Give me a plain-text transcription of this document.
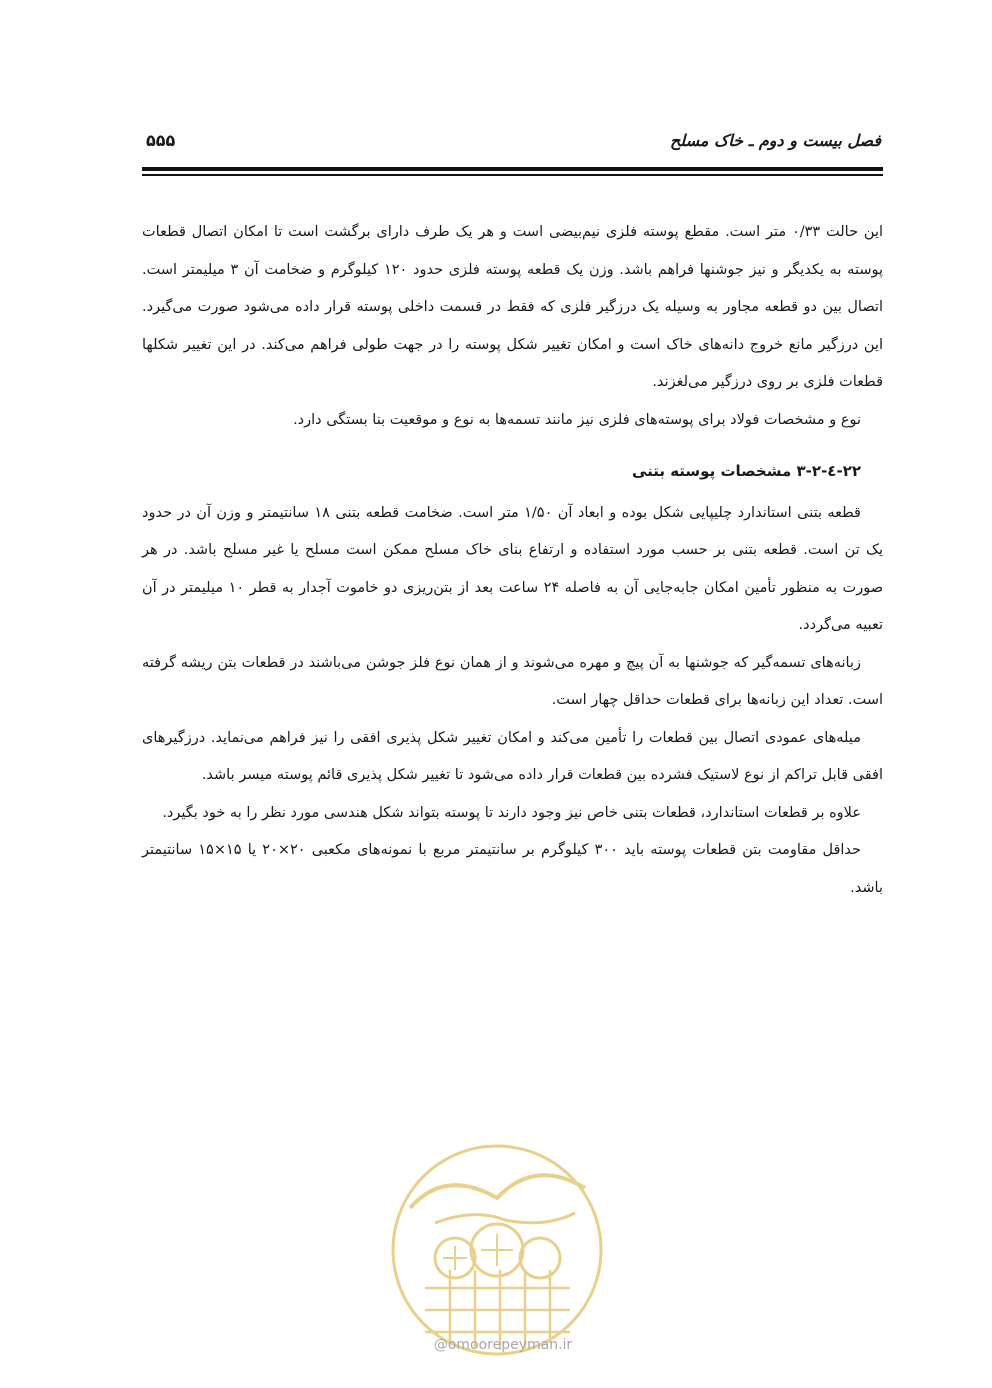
فصل بیست و دوم ـ خاک مسلح
۵۵۵

این حالت ۰/۳۳ متر است. مقطع پوسته فلزی نیم‌بیضی است و هر یک طرف دارای برگشت است تا امکان اتصال قطعات پوسته به یکدیگر و نیز جوشنها فراهم باشد. وزن یک قطعه پوسته فلزی حدود ۱۲۰ کیلوگرم و ضخامت آن ۳ میلیمتر است. اتصال بین دو قطعه مجاور به وسیله یک درزگیر فلزی که فقط در قسمت داخلی پوسته قرار داده می‌شود صورت می‌گیرد. این درزگیر مانع خروج دانه‌های خاک است و امکان تغییر شکل پوسته را در جهت طولی فراهم می‌کند. در این تغییر شکلها قطعات فلزی بر روی درزگیر می‌لغزند.

نوع و مشخصات فولاد برای پوسته‌های فلزی نیز مانند تسمه‌ها به نوع و موقعیت بنا بستگی دارد.

۲۲-٤-۳-۲ مشخصات پوسته بتنی

قطعه بتنی استاندارد چلیپایی شکل بوده و ابعاد آن ۱/۵۰ متر است. ضخامت قطعه بتنی ۱۸ سانتیمتر و وزن آن در حدود یک تن است. قطعه بتنی بر حسب مورد استفاده و ارتفاع بنای خاک مسلح ممکن است مسلح یا غیر مسلح باشد. در هر صورت به منظور تأمین امکان جابه‌جایی آن به فاصله ۲۴ ساعت بعد از بتن‌ریزی دو خاموت آجدار به قطر ۱۰ میلیمتر در آن تعبیه می‌گردد.

زبانه‌های تسمه‌گیر که جوشنها به آن پیچ و مهره می‌شوند و از همان نوع فلز جوشن می‌باشند در قطعات بتن ریشه گرفته است. تعداد این زبانه‌ها برای قطعات حداقل چهار است.

میله‌های عمودی اتصال بین قطعات را تأمین می‌کند و امکان تغییر شکل پذیری افقی را نیز فراهم می‌نماید. درزگیرهای افقی قابل تراکم از نوع لاستیک فشرده بین قطعات قرار داده می‌شود تا تغییر شکل پذیری قائم پوسته میسر باشد.

علاوه بر قطعات استاندارد، قطعات بتنی خاص نیز وجود دارند تا پوسته بتواند شکل هندسی مورد نظر را به خود بگیرد.

حداقل مقاومت بتن قطعات پوسته باید ۳۰۰ کیلوگرم بر سانتیمتر مربع با نمونه‌های مکعبی ۲۰×۲۰ یا ۱۵×۱۵ سانتیمتر باشد.

@omoorepeyman.ir
